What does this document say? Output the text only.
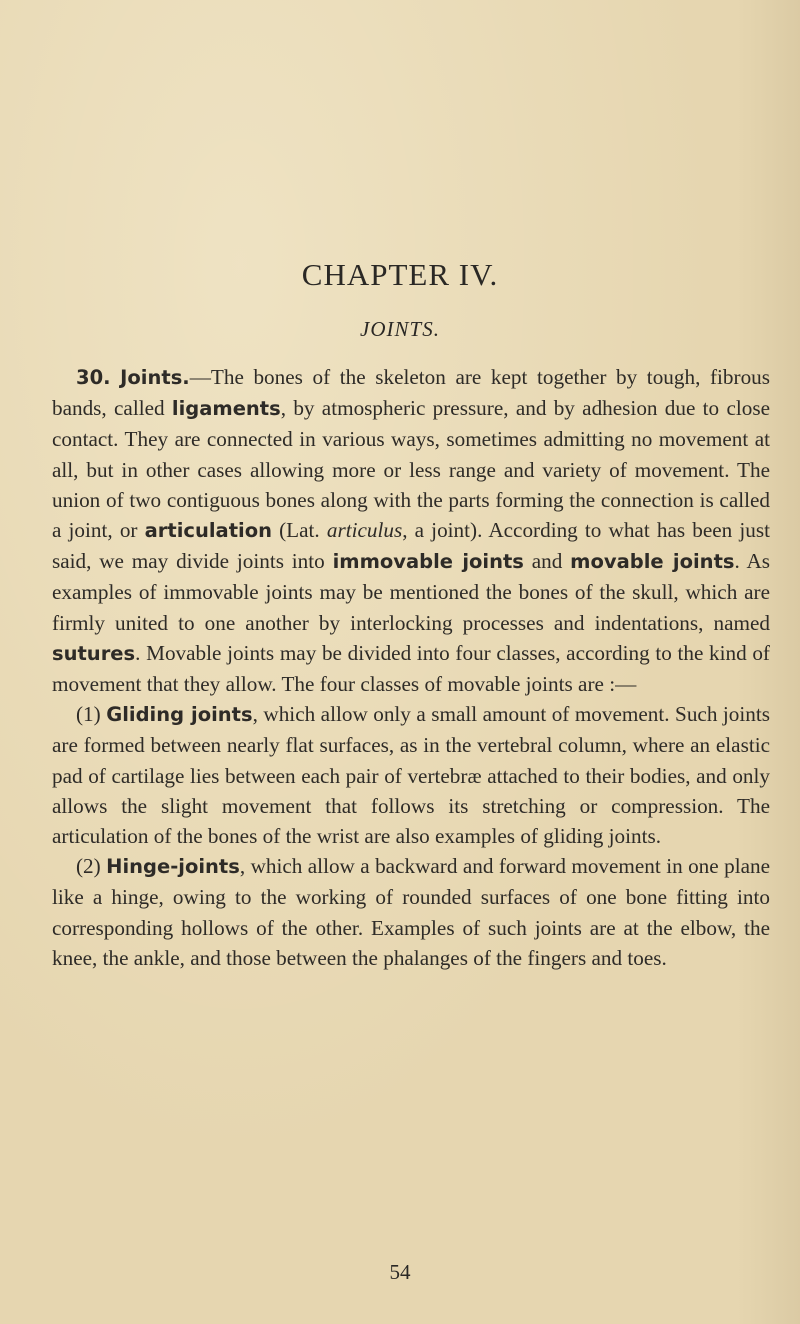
CHAPTER IV.
JOINTS.

30. Joints.—The bones of the skeleton are kept together by tough, fibrous bands, called ligaments, by atmospheric pressure, and by adhesion due to close contact. They are connected in various ways, sometimes admitting no movement at all, but in other cases allowing more or less range and variety of movement. The union of two contiguous bones along with the parts forming the connection is called a joint, or articulation (Lat. articulus, a joint). According to what has been just said, we may divide joints into immovable joints and movable joints. As examples of immovable joints may be mentioned the bones of the skull, which are firmly united to one another by interlocking processes and indentations, named sutures. Movable joints may be divided into four classes, according to the kind of movement that they allow. The four classes of movable joints are :—

(1) Gliding joints, which allow only a small amount of movement. Such joints are formed between nearly flat surfaces, as in the vertebral column, where an elastic pad of cartilage lies between each pair of vertebræ attached to their bodies, and only allows the slight movement that follows its stretching or compression. The articulation of the bones of the wrist are also examples of gliding joints.

(2) Hinge-joints, which allow a backward and forward movement in one plane like a hinge, owing to the working of rounded surfaces of one bone fitting into corresponding hollows of the other. Examples of such joints are at the elbow, the knee, the ankle, and those between the phalanges of the fingers and toes.

54
